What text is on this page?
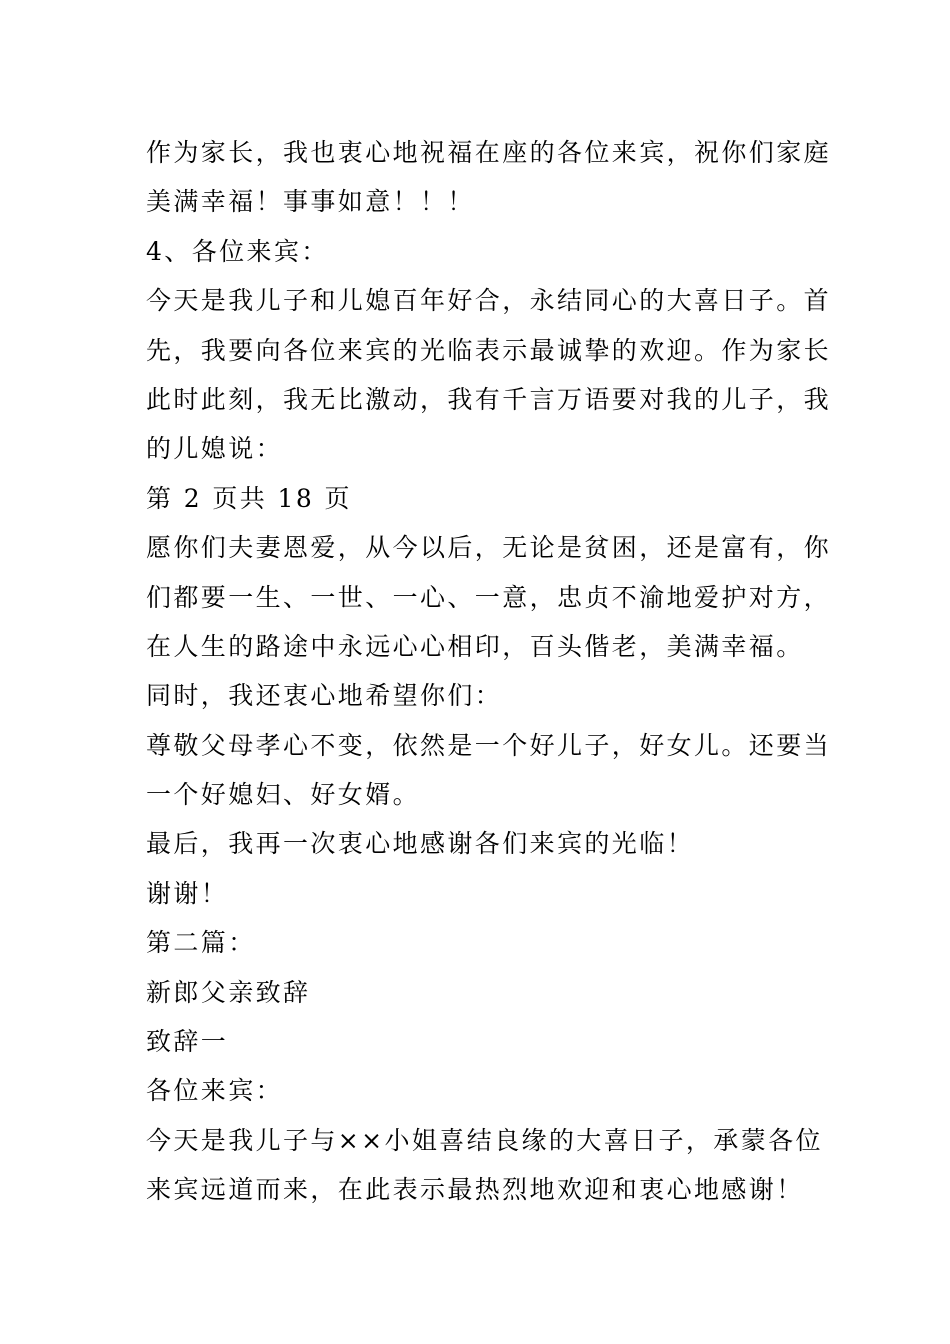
作为家长，我也衷心地祝福在座的各位来宾，祝你们家庭
美满幸福！事事如意！！！
4、各位来宾：
今天是我儿子和儿媳百年好合，永结同心的大喜日子。首
先，我要向各位来宾的光临表示最诚挚的欢迎。作为家长
此时此刻，我无比激动，我有千言万语要对我的儿子，我
的儿媳说：
第 2 页共 18 页
愿你们夫妻恩爱，从今以后，无论是贫困，还是富有，你
们都要一生、一世、一心、一意，忠贞不渝地爱护对方，
在人生的路途中永远心心相印，百头偕老，美满幸福。
同时，我还衷心地希望你们：
尊敬父母孝心不变，依然是一个好儿子，好女儿。还要当
一个好媳妇、好女婿。
最后，我再一次衷心地感谢各们来宾的光临！
谢谢！
第二篇：
新郎父亲致辞
致辞一
各位来宾：
今天是我儿子与××小姐喜结良缘的大喜日子，承蒙各位
来宾远道而来，在此表示最热烈地欢迎和衷心地感谢！
